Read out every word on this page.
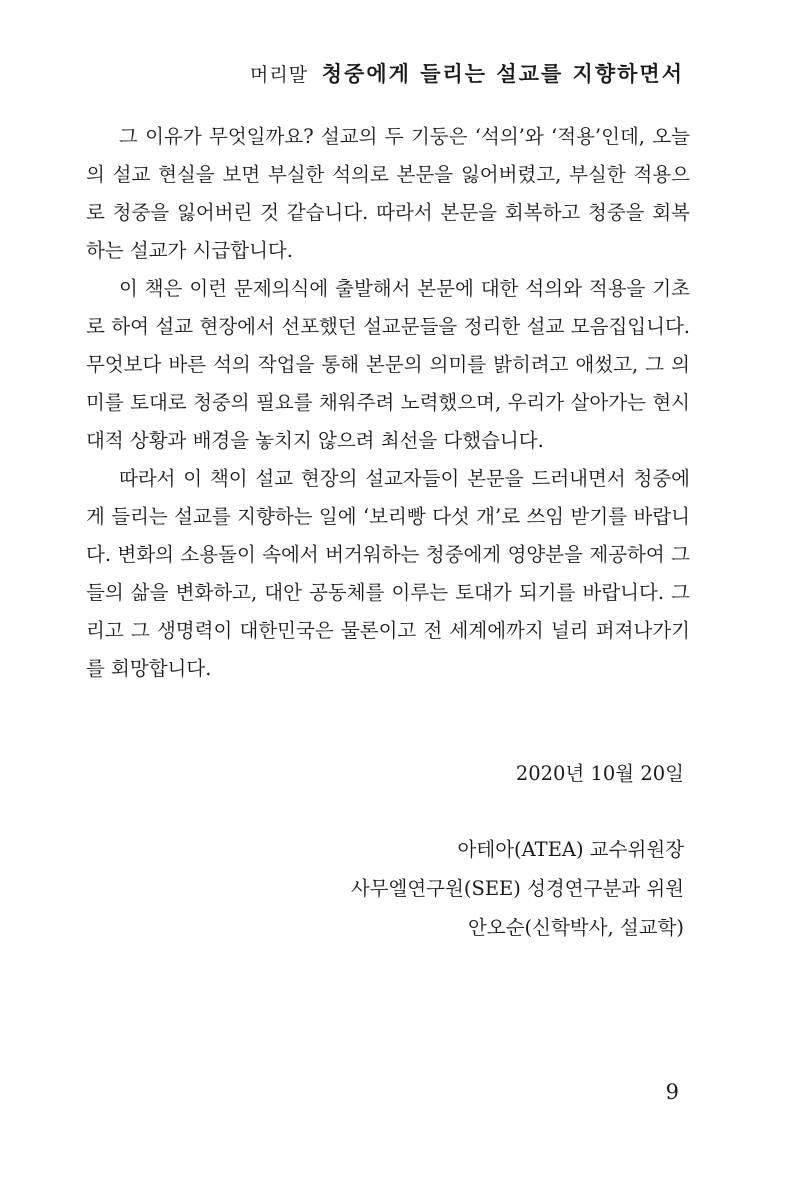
머리말 청중에게 들리는 설교를 지향하면서

그 이유가 무엇일까요? 설교의 두 기둥은 ‘석의’와 ‘적용’인데, 오늘의 설교 현실을 보면 부실한 석의로 본문을 잃어버렸고, 부실한 적용으로 청중을 잃어버린 것 같습니다. 따라서 본문을 회복하고 청중을 회복하는 설교가 시급합니다.

이 책은 이런 문제의식에 출발해서 본문에 대한 석의와 적용을 기초로 하여 설교 현장에서 선포했던 설교문들을 정리한 설교 모음집입니다. 무엇보다 바른 석의 작업을 통해 본문의 의미를 밝히려고 애썼고, 그 의미를 토대로 청중의 필요를 채워주려 노력했으며, 우리가 살아가는 현시대적 상황과 배경을 놓치지 않으려 최선을 다했습니다.

따라서 이 책이 설교 현장의 설교자들이 본문을 드러내면서 청중에게 들리는 설교를 지향하는 일에 ‘보리빵 다섯 개’로 쓰임 받기를 바랍니다. 변화의 소용돌이 속에서 버거워하는 청중에게 영양분을 제공하여 그들의 삶을 변화하고, 대안 공동체를 이루는 토대가 되기를 바랍니다. 그리고 그 생명력이 대한민국은 물론이고 전 세계에까지 널리 퍼져나가기를 회망합니다.

2020년 10월 20일
아테아(ATEA) 교수위원장
사무엘연구원(SEE) 성경연구분과 위원
안오순(신학박사, 설교학)
9
